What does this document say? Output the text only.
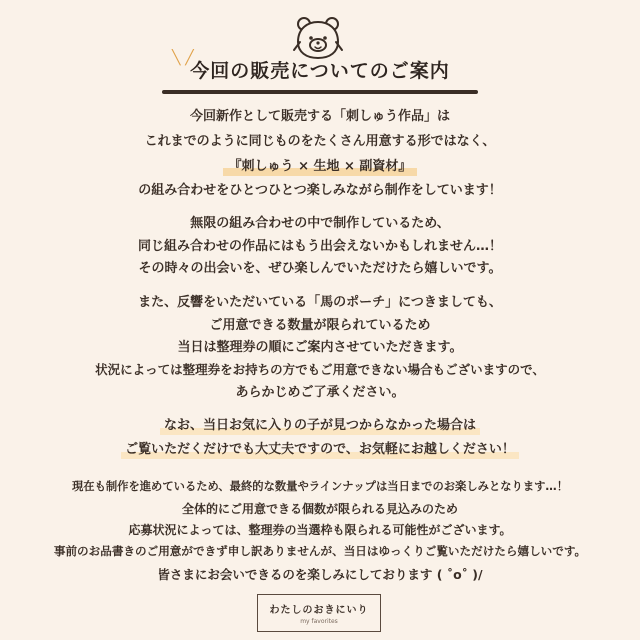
╲ ╱
今回の販売についてのご案内
今回新作として販売する「刺しゅう作品」は
これまでのように同じものをたくさん用意する形ではなく、
『刺しゅう × 生地 × 副資材』
の組み合わせをひとつひとつ楽しみながら制作をしています！
無限の組み合わせの中で制作しているため、
同じ組み合わせの作品にはもう出会えないかもしれません…！
その時々の出会いを、ぜひ楽しんでいただけたら嬉しいです。
また、反響をいただいている「馬のポーチ」につきましても、
ご用意できる数量が限られているため
当日は整理券の順にご案内させていただきます。
状況によっては整理券をお持ちの方でもご用意できない場合もございますので、
あらかじめご了承ください。
なお、当日お気に入りの子が見つからなかった場合は
ご覧いただくだけでも大丈夫ですので、お気軽にお越しください！
現在も制作を進めているため、最終的な数量やラインナップは当日までのお楽しみとなります…！
全体的にご用意できる個数が限られる見込みのため
応募状況によっては、整理券の当選枠も限られる可能性がございます。
事前のお品書きのご用意ができず申し訳ありませんが、当日はゆっくりご覧いただけたら嬉しいです。
皆さまにお会いできるのを楽しみにしております ( ˚o˚ )/
わたしのおきにいり
my favorites
